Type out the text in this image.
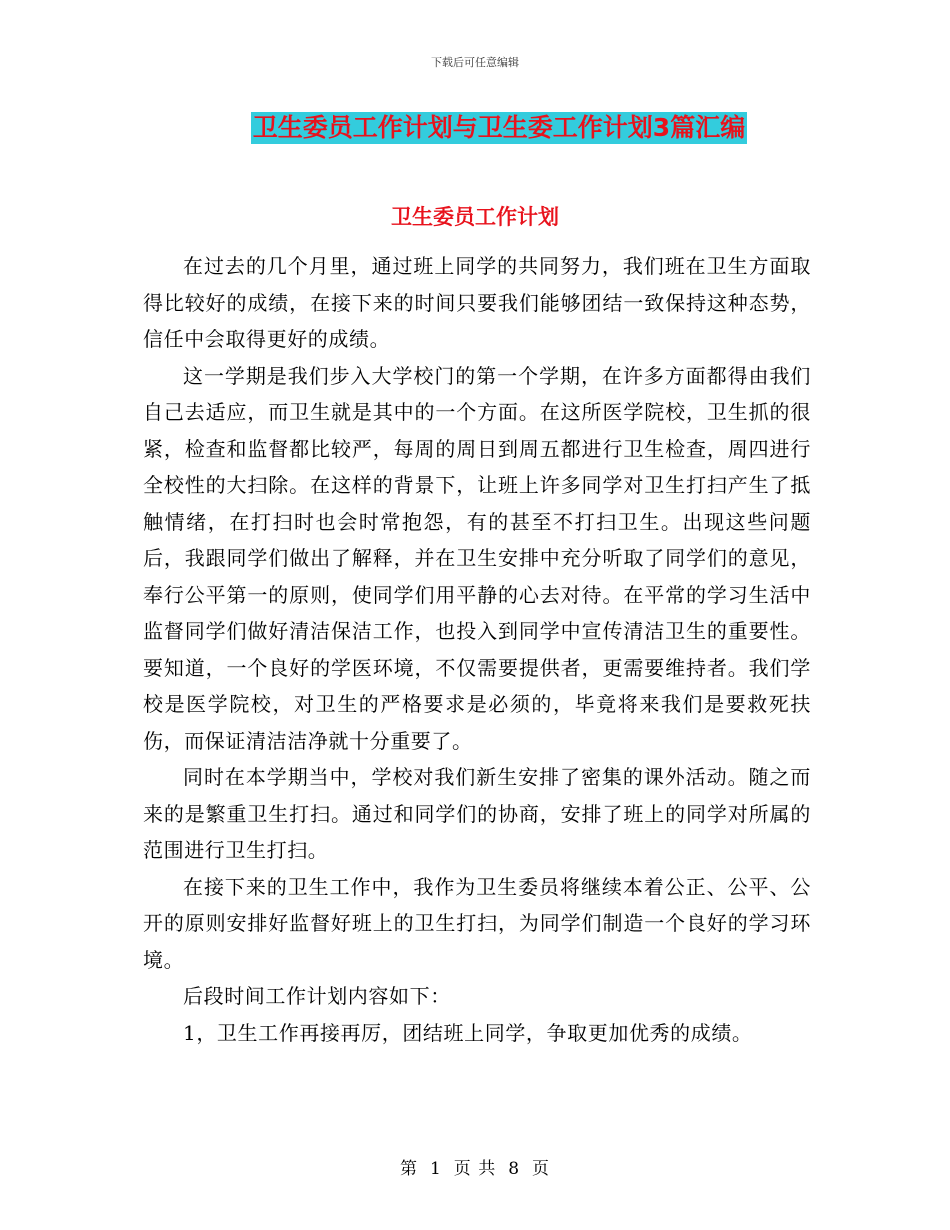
下载后可任意编辑
卫生委员工作计划与卫生委工作计划3篇汇编
卫生委员工作计划

在过去的几个月里，通过班上同学的共同努力，我们班在卫生方面取得比较好的成绩，在接下来的时间只要我们能够团结一致保持这种态势，信任中会取得更好的成绩。

这一学期是我们步入大学校门的第一个学期，在许多方面都得由我们自己去适应，而卫生就是其中的一个方面。在这所医学院校，卫生抓的很紧，检查和监督都比较严，每周的周日到周五都进行卫生检查，周四进行全校性的大扫除。在这样的背景下，让班上许多同学对卫生打扫产生了抵触情绪，在打扫时也会时常抱怨，有的甚至不打扫卫生。出现这些问题后，我跟同学们做出了解释，并在卫生安排中充分听取了同学们的意见，奉行公平第一的原则，使同学们用平静的心去对待。在平常的学习生活中监督同学们做好清洁保洁工作，也投入到同学中宣传清洁卫生的重要性。要知道，一个良好的学医环境，不仅需要提供者，更需要维持者。我们学校是医学院校，对卫生的严格要求是必须的，毕竟将来我们是要救死扶伤，而保证清洁洁净就十分重要了。

同时在本学期当中，学校对我们新生安排了密集的课外活动。随之而来的是繁重卫生打扫。通过和同学们的协商，安排了班上的同学对所属的范围进行卫生打扫。

在接下来的卫生工作中，我作为卫生委员将继续本着公正、公平、公开的原则安排好监督好班上的卫生打扫，为同学们制造一个良好的学习环境。

后段时间工作计划内容如下：

1，卫生工作再接再厉，团结班上同学，争取更加优秀的成绩。

第 1 页 共 8 页
